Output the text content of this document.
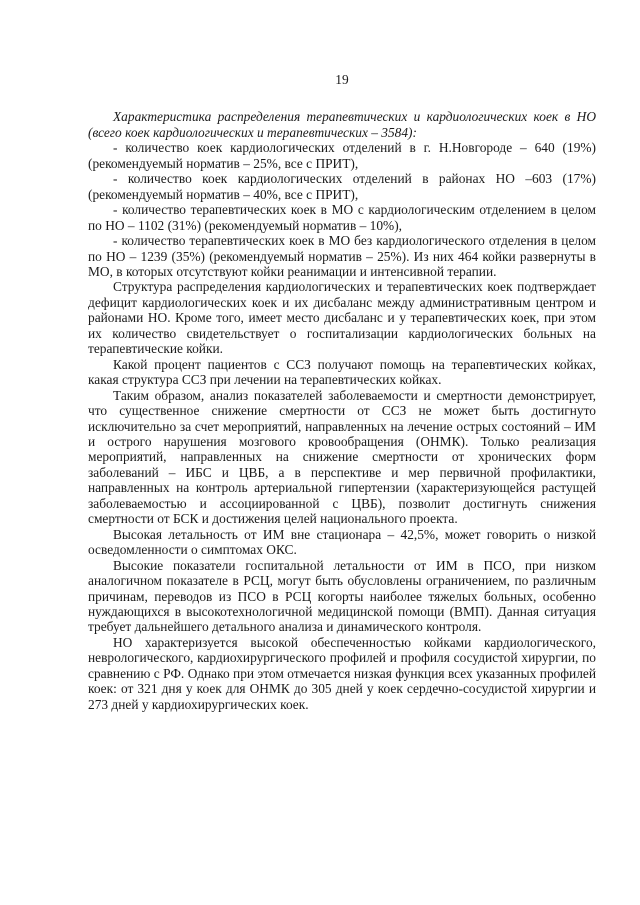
19

Характеристика распределения терапевтических и кардиологических коек в НО (всего коек кардиологических и терапевтических – 3584):

- количество коек кардиологических отделений в г. Н.Новгороде – 640 (19%) (рекомендуемый норматив – 25%, все с ПРИТ),

- количество коек кардиологических отделений в районах НО –603 (17%) (рекомендуемый норматив – 40%, все с ПРИТ),

- количество терапевтических коек в МО с кардиологическим отделением в целом по НО – 1102 (31%) (рекомендуемый норматив – 10%),

- количество терапевтических коек в МО без кардиологического отделения в целом по НО – 1239 (35%) (рекомендуемый норматив – 25%). Из них 464 койки развернуты в МО, в которых отсутствуют койки реанимации и интенсивной терапии.

Структура распределения кардиологических и терапевтических коек подтверждает дефицит кардиологических коек и их дисбаланс между административным центром и районами НО. Кроме того, имеет место дисбаланс и у терапевтических коек, при этом их количество свидетельствует о госпитализации кардиологических больных на терапевтические койки.

Какой процент пациентов с ССЗ получают помощь на терапевтических койках, какая структура ССЗ при лечении на терапевтических койках.

Таким образом, анализ показателей заболеваемости и смертности демонстрирует, что существенное снижение смертности от ССЗ не может быть достигнуто исключительно за счет мероприятий, направленных на лечение острых состояний – ИМ и острого нарушения мозгового кровообращения (ОНМК). Только реализация мероприятий, направленных на снижение смертности от хронических форм заболеваний – ИБС и ЦВБ, а в перспективе и мер первичной профилактики, направленных на контроль артериальной гипертензии (характеризующейся растущей заболеваемостью и ассоциированной с ЦВБ), позволит достигнуть снижения смертности от БСК и достижения целей национального проекта.

Высокая летальность от ИМ вне стационара – 42,5%, может говорить о низкой осведомленности о симптомах ОКС.

Высокие показатели госпитальной летальности от ИМ в ПСО, при низком аналогичном показателе в РСЦ, могут быть обусловлены ограничением, по различным причинам, переводов из ПСО в РСЦ когорты наиболее тяжелых больных, особенно нуждающихся в высокотехнологичной медицинской помощи (ВМП). Данная ситуация требует дальнейшего детального анализа и динамического контроля.

НО характеризуется высокой обеспеченностью койками кардиологического, неврологического, кардиохирургического профилей и профиля сосудистой хирургии, по сравнению с РФ. Однако при этом отмечается низкая функция всех указанных профилей коек: от 321 дня у коек для ОНМК до 305 дней у коек сердечно-сосудистой хирургии и 273 дней у кардиохирургических коек.
